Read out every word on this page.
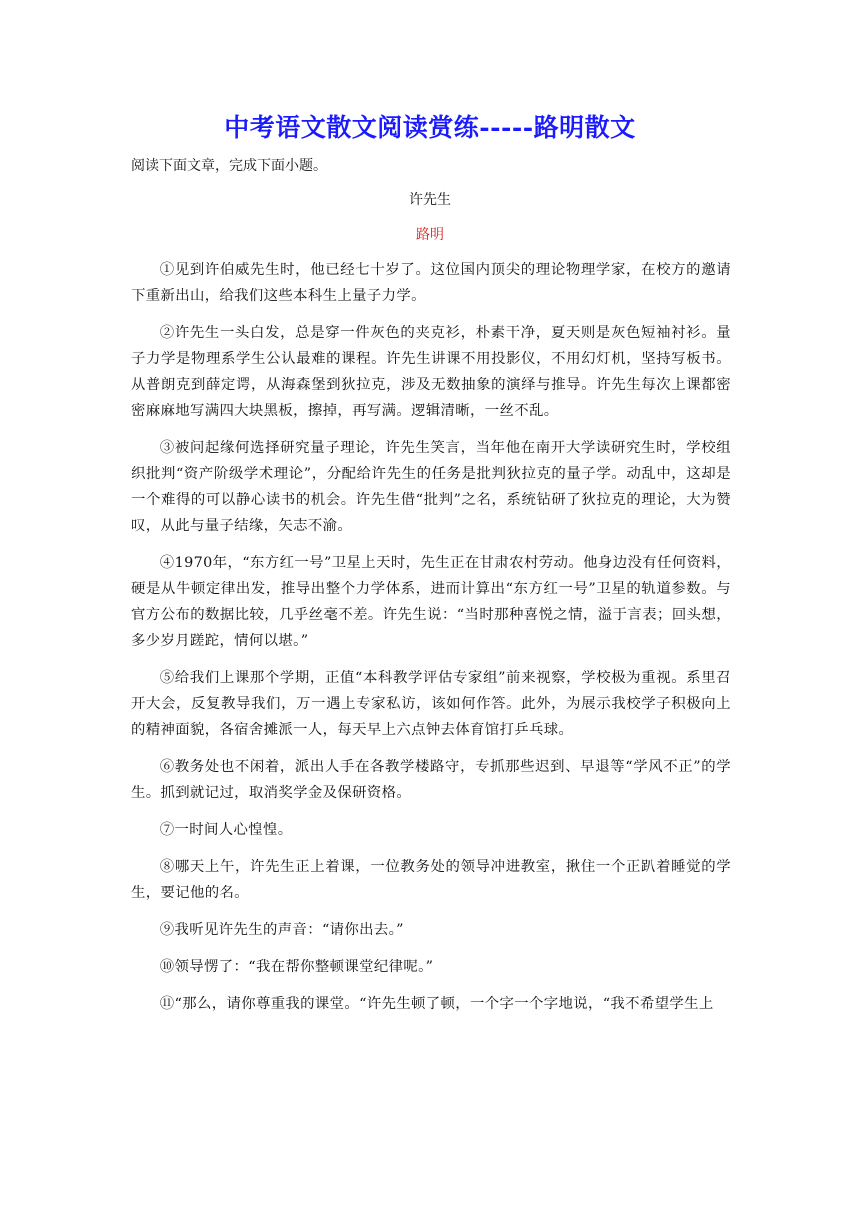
中考语文散文阅读赏练-----路明散文
阅读下面文章，完成下面小题。
许先生
路明

①见到许伯威先生时，他已经七十岁了。这位国内顶尖的理论物理学家，在校方的邀请下重新出山，给我们这些本科生上量子力学。

②许先生一头白发，总是穿一件灰色的夹克衫，朴素干净，夏天则是灰色短袖衬衫。量子力学是物理系学生公认最难的课程。许先生讲课不用投影仪，不用幻灯机，坚持写板书。从普朗克到薛定谔，从海森堡到狄拉克，涉及无数抽象的演绎与推导。许先生每次上课都密密麻麻地写满四大块黑板，擦掉，再写满。逻辑清晰，一丝不乱。

③被问起缘何选择研究量子理论，许先生笑言，当年他在南开大学读研究生时，学校组织批判“资产阶级学术理论”，分配给许先生的任务是批判狄拉克的量子学。动乱中，这却是一个难得的可以静心读书的机会。许先生借“批判”之名，系统钻研了狄拉克的理论，大为赞叹，从此与量子结缘，矢志不渝。

④1970年，“东方红一号”卫星上天时，先生正在甘肃农村劳动。他身边没有任何资料，硬是从牛顿定律出发，推导出整个力学体系，进而计算出“东方红一号”卫星的轨道参数。与官方公布的数据比较，几乎丝毫不差。许先生说：“当时那种喜悦之情，溢于言表；回头想，多少岁月蹉跎，情何以堪。”

⑤给我们上课那个学期，正值“本科教学评估专家组”前来视察，学校极为重视。系里召开大会，反复教导我们，万一遇上专家私访，该如何作答。此外，为展示我校学子积极向上的精神面貌，各宿舍摊派一人，每天早上六点钟去体育馆打乒乓球。

⑥教务处也不闲着，派出人手在各教学楼路守，专抓那些迟到、早退等“学风不正”的学生。抓到就记过，取消奖学金及保研资格。

⑦一时间人心惶惶。

⑧哪天上午，许先生正上着课，一位教务处的领导冲进教室，揪住一个正趴着睡觉的学生，要记他的名。

⑨我听见许先生的声音：“请你出去。”

⑩领导愣了：“我在帮你整顿课堂纪律呢。”

⑪“那么，请你尊重我的课堂。“许先生顿了顿，一个字一个字地说，“我不希望学生上
